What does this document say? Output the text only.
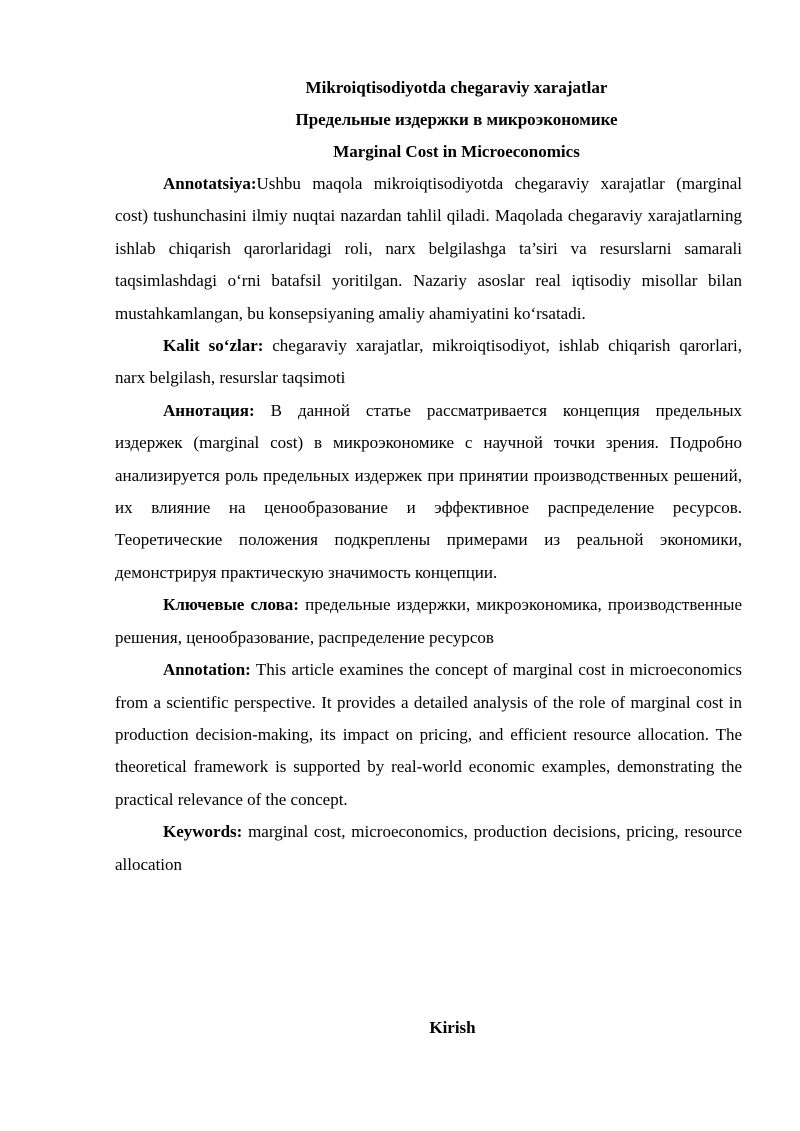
Mikroiqtisodiyotda chegaraviy xarajatlar

Предельные издержки в микроэкономике

Marginal Cost in Microeconomics

Annotatsiya:Ushbu maqola mikroiqtisodiyotda chegaraviy xarajatlar (marginal cost) tushunchasini ilmiy nuqtai nazardan tahlil qiladi. Maqolada chegaraviy xarajatlarning ishlab chiqarish qarorlaridagi roli, narx belgilashga ta’siri va resurslarni samarali taqsimlashdagi o‘rni batafsil yoritilgan. Nazariy asoslar real iqtisodiy misollar bilan mustahkamlangan, bu konsepsiyaning amaliy ahamiyatini ko‘rsatadi.

Kalit so‘zlar: chegaraviy xarajatlar, mikroiqtisodiyot, ishlab chiqarish qarorlari, narx belgilash, resurslar taqsimoti

Аннотация: В данной статье рассматривается концепция предельных издержек (marginal cost) в микроэкономике с научной точки зрения. Подробно анализируется роль предельных издержек при принятии производственных решений, их влияние на ценообразование и эффективное распределение ресурсов. Теоретические положения подкреплены примерами из реальной экономики, демонстрируя практическую значимость концепции.

Ключевые слова: предельные издержки, микроэкономика, производственные решения, ценообразование, распределение ресурсов

Annotation: This article examines the concept of marginal cost in microeconomics from a scientific perspective. It provides a detailed analysis of the role of marginal cost in production decision-making, its impact on pricing, and efficient resource allocation. The theoretical framework is supported by real-world economic examples, demonstrating the practical relevance of the concept.

Keywords: marginal cost, microeconomics, production decisions, pricing, resource allocation

Kirish
